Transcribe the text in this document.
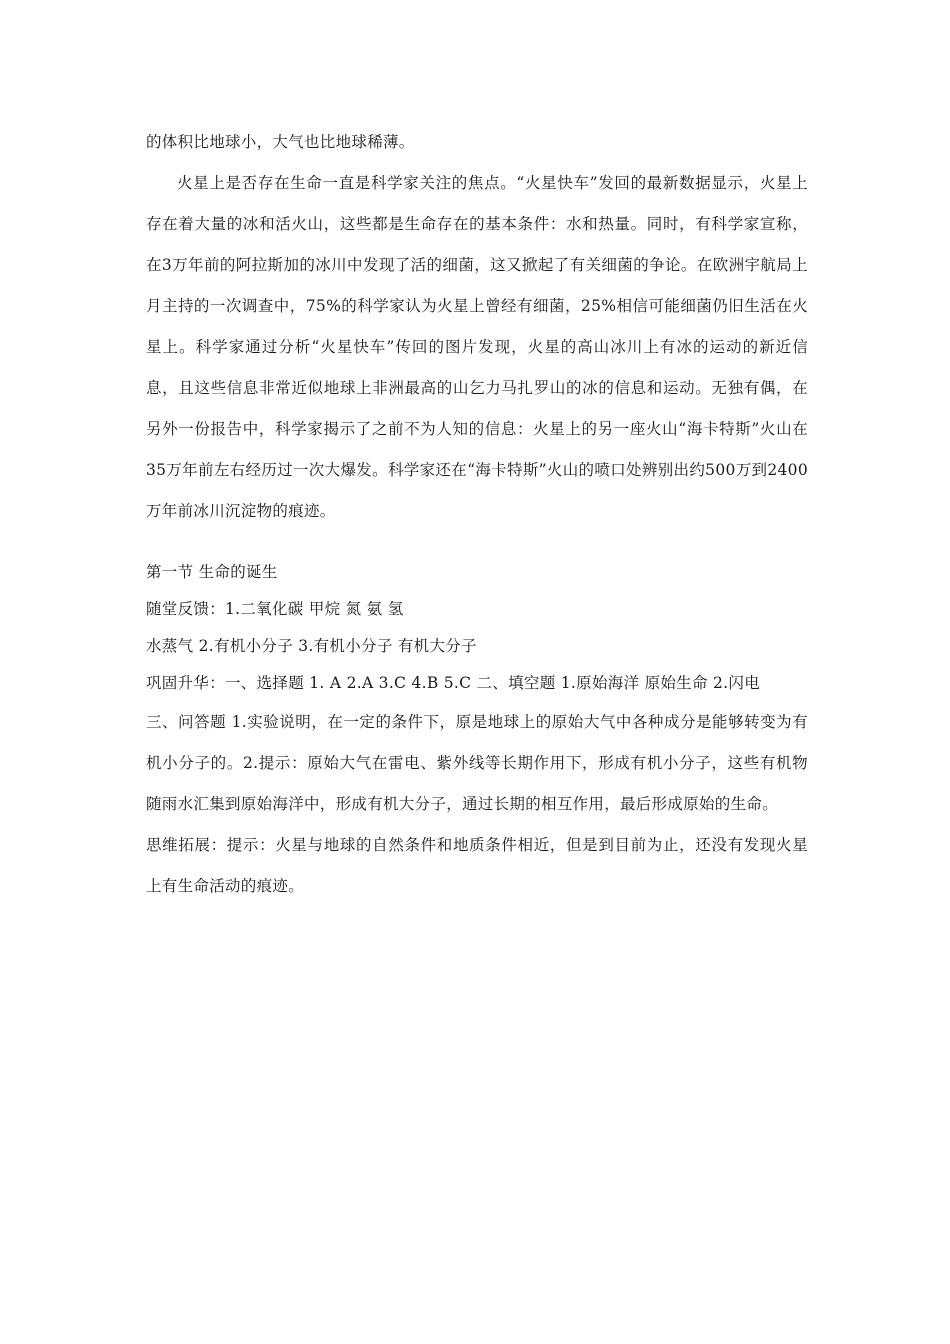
的体积比地球小，大气也比地球稀薄。

火星上是否存在生命一直是科学家关注的焦点。“火星快车”发回的最新数据显示，火星上存在着大量的冰和活火山，这些都是生命存在的基本条件：水和热量。同时，有科学家宣称，在3万年前的阿拉斯加的冰川中发现了活的细菌，这又掀起了有关细菌的争论。在欧洲宇航局上月主持的一次调查中，75%的科学家认为火星上曾经有细菌，25%相信可能细菌仍旧生活在火星上。科学家通过分析“火星快车”传回的图片发现，火星的高山冰川上有冰的运动的新近信息，且这些信息非常近似地球上非洲最高的山乞力马扎罗山的冰的信息和运动。无独有偶，在另外一份报告中，科学家揭示了之前不为人知的信息：火星上的另一座火山“海卡特斯”火山在35万年前左右经历过一次大爆发。科学家还在“海卡特斯”火山的喷口处辨别出约500万到2400万年前冰川沉淀物的痕迹。

第一节 生命的诞生

随堂反馈：1.二氧化碳 甲烷 氮 氨 氢

水蒸气 2.有机小分子 3.有机小分子 有机大分子

巩固升华：一、选择题 1. A 2.A 3.C 4.B 5.C 二、填空题 1.原始海洋 原始生命 2.闪电

三、问答题 1.实验说明，在一定的条件下，原是地球上的原始大气中各种成分是能够转变为有机小分子的。2.提示：原始大气在雷电、紫外线等长期作用下，形成有机小分子，这些有机物随雨水汇集到原始海洋中，形成有机大分子，通过长期的相互作用，最后形成原始的生命。

思维拓展：提示：火星与地球的自然条件和地质条件相近，但是到目前为止，还没有发现火星上有生命活动的痕迹。
